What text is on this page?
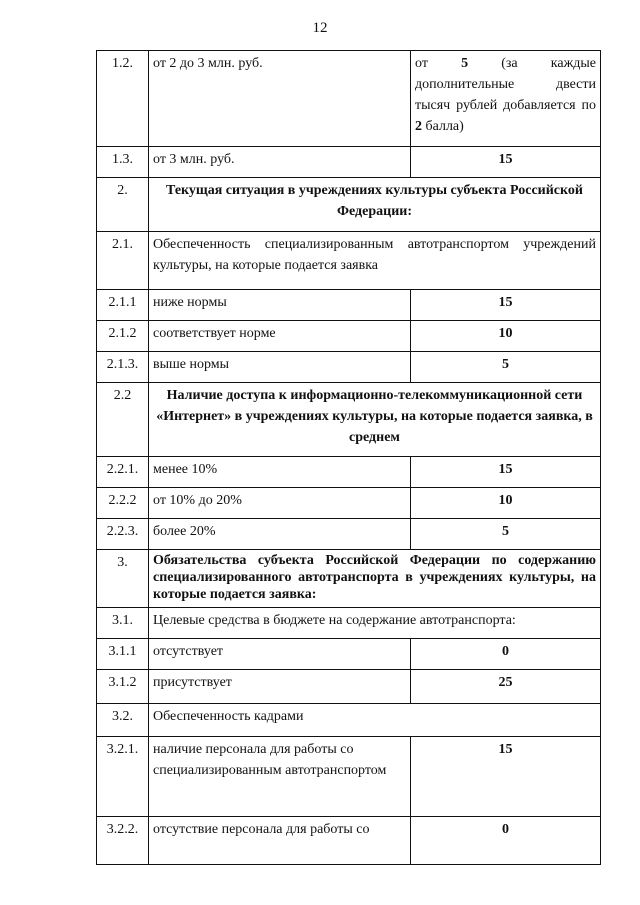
12
1.2.	от 2 до 3 млн. руб.	от 5 (за каждые дополнительные двести тысяч рублей добавляется по 2 балла)
1.3.	от 3 млн. руб.	15
2.	Текущая ситуация в учреждениях культуры субъекта Российской Федерации:	
2.1.	Обеспеченность специализированным автотранспортом учреждений культуры, на которые подается заявка	
2.1.1	ниже нормы	15
2.1.2	соответствует норме	10
2.1.3.	выше нормы	5
2.2	Наличие доступа к информационно-телекоммуникационной сети «Интернет» в учреждениях культуры, на которые подается заявка, в среднем	
2.2.1.	менее 10%	15
2.2.2	от 10% до 20%	10
2.2.3.	более 20%	5
3.	Обязательства субъекта Российской Федерации по содержанию специализированного автотранспорта в учреждениях культуры, на которые подается заявка:	
3.1.	Целевые средства в бюджете на содержание автотранспорта:	
3.1.1	отсутствует	0
3.1.2	присутствует	25
3.2.	Обеспеченность кадрами	
3.2.1.	наличие персонала для работы со специализированным автотранспортом	15
3.2.2.	отсутствие персонала для работы со	0
